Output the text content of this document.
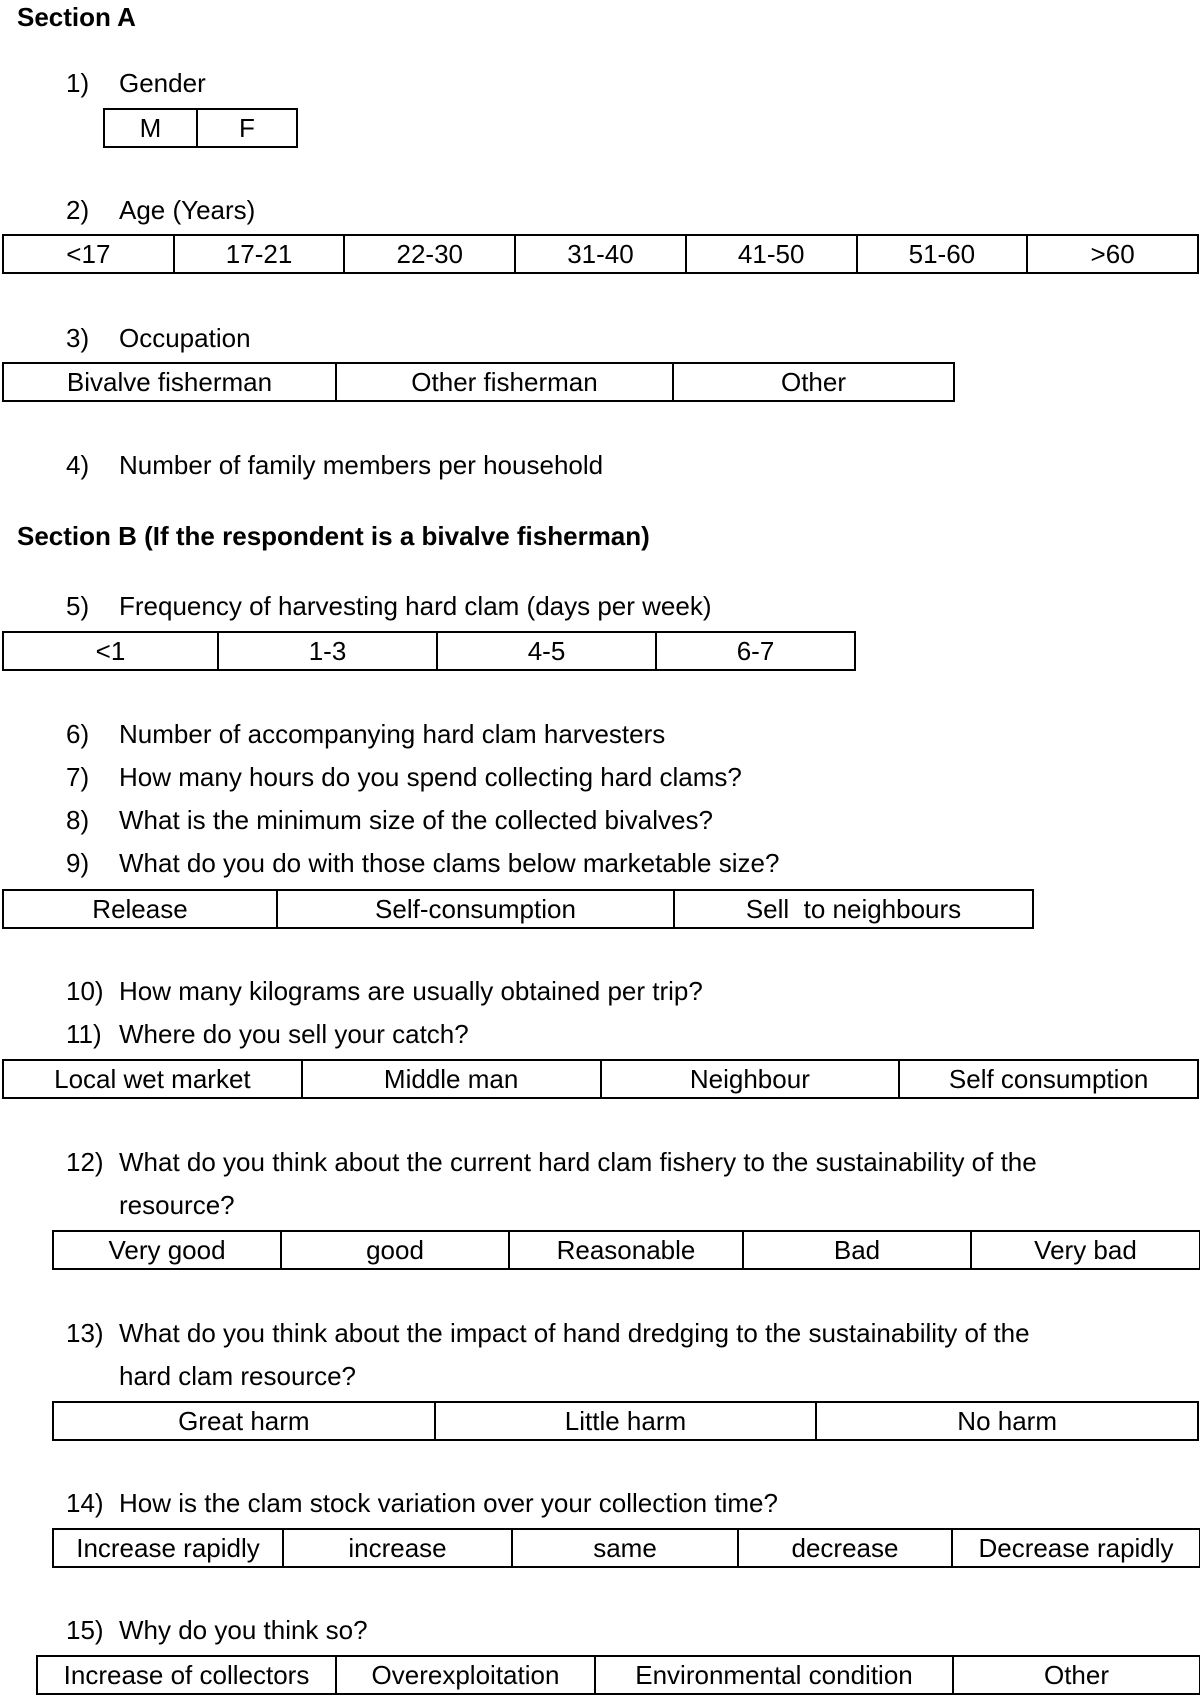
Section A
1) Gender
M	F
2) Age (Years)
<17	17-21	22-30	31-40	41-50	51-60	>60
3) Occupation
Bivalve fisherman	Other fisherman	Other
4) Number of family members per household
Section B (If the respondent is a bivalve fisherman)
5) Frequency of harvesting hard clam (days per week)
<1	1-3	4-5	6-7
6) Number of accompanying hard clam harvesters
7) How many hours do you spend collecting hard clams?
8) What is the minimum size of the collected bivalves?
9) What do you do with those clams below marketable size?
Release	Self-consumption	Sell  to neighbours
10) How many kilograms are usually obtained per trip?
11) Where do you sell your catch?
Local wet market	Middle man	Neighbour	Self consumption
12) What do you think about the current hard clam fishery to the sustainability of the
resource?
Very good	good	Reasonable	Bad	Very bad
13) What do you think about the impact of hand dredging to the sustainability of the
hard clam resource?
Great harm	Little harm	No harm
14) How is the clam stock variation over your collection time?
Increase rapidly	increase	same	decrease	Decrease rapidly
15) Why do you think so?
Increase of collectors	Overexploitation	Environmental condition	Other
